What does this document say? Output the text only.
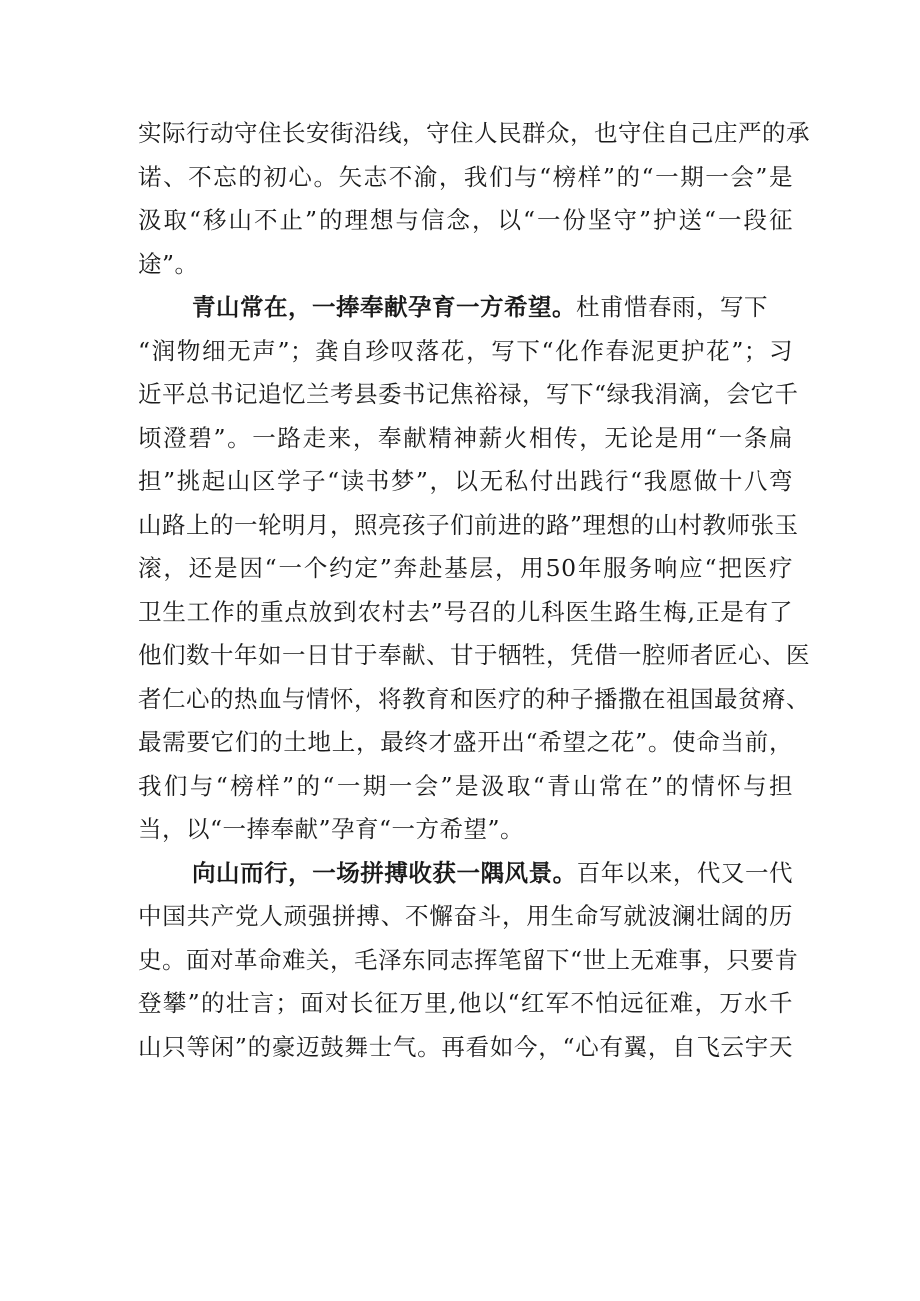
实际行动守住长安街沿线，守住人民群众，也守住自己庄严的承
诺、不忘的初心。矢志不渝，我们与“榜样”的“一期一会”是
汲取“移山不止”的理想与信念，以“一份坚守”护送“一段征
途”。
青山常在，一捧奉献孕育一方希望。杜甫惜春雨，写下
“润物细无声”；龚自珍叹落花，写下“化作春泥更护花”；习
近平总书记追忆兰考县委书记焦裕禄，写下“绿我涓滴，会它千
顷澄碧”。一路走来，奉献精神薪火相传，无论是用“一条扁
担”挑起山区学子“读书梦”，以无私付出践行“我愿做十八弯
山路上的一轮明月，照亮孩子们前进的路”理想的山村教师张玉
滚，还是因“一个约定”奔赴基层，用50年服务响应“把医疗
卫生工作的重点放到农村去”号召的儿科医生路生梅,正是有了
他们数十年如一日甘于奉献、甘于牺牲，凭借一腔师者匠心、医
者仁心的热血与情怀，将教育和医疗的种子播撒在祖国最贫瘠、
最需要它们的土地上，最终才盛开出“希望之花”。使命当前，
我们与“榜样”的“一期一会”是汲取“青山常在”的情怀与担
当，以“一捧奉献”孕育“一方希望”。
向山而行，一场拼搏收获一隅风景。百年以来，代又一代
中国共产党人顽强拼搏、不懈奋斗，用生命写就波澜壮阔的历
史。面对革命难关，毛泽东同志挥笔留下“世上无难事，只要肯
登攀”的壮言；面对长征万里,他以“红军不怕远征难，万水千
山只等闲”的豪迈鼓舞士气。再看如今，“心有翼，自飞云宇天
